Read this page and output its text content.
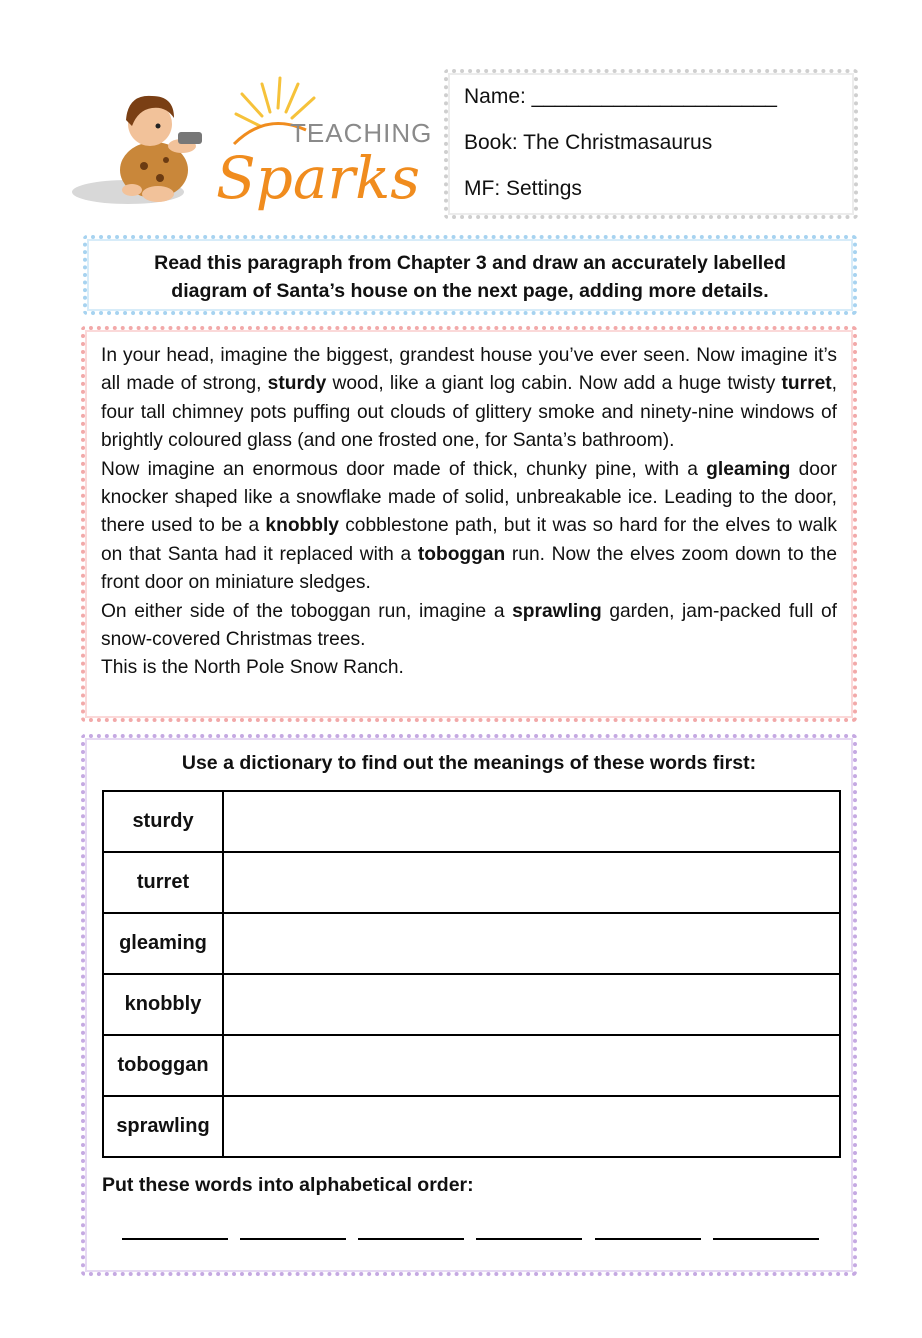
TEACHING
Sparks
Name: _____________________
Book: The Christmasaurus
MF: Settings
Read this paragraph from Chapter 3 and draw an accurately labelled
diagram of Santa’s house on the next page, adding more details.

In your head, imagine the biggest, grandest house you’ve ever seen. Now imagine it’s all made of strong, sturdy wood, like a giant log cabin. Now add a huge twisty turret, four tall chimney pots puffing out clouds of glittery smoke and ninety-nine windows of brightly coloured glass (and one frosted one, for Santa’s bathroom).

Now imagine an enormous door made of thick, chunky pine, with a gleaming door knocker shaped like a snowflake made of solid, unbreakable ice. Leading to the door, there used to be a knobbly cobblestone path, but it was so hard for the elves to walk on that Santa had it replaced with a toboggan run. Now the elves zoom down to the front door on miniature sledges.

On either side of the toboggan run, imagine a sprawling garden, jam-packed full of snow-covered Christmas trees.

This is the North Pole Snow Ranch.

Use a dictionary to find out the meanings of these words first:
sturdy	
turret	
gleaming	
knobbly	
toboggan	
sprawling	
Put these words into alphabetical order:
